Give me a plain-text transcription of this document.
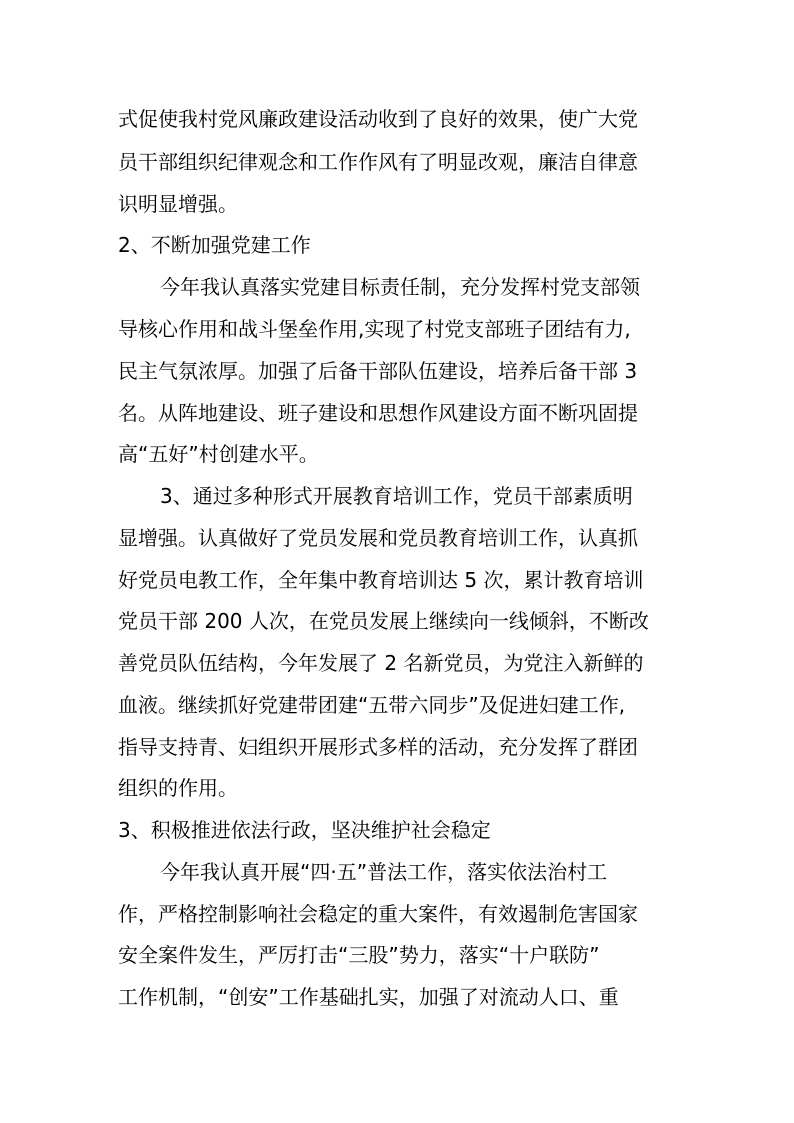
式促使我村党风廉政建设活动收到了良好的效果，使广大党
员干部组织纪律观念和工作作风有了明显改观，廉洁自律意
识明显增强。
2、不断加强党建工作
今年我认真落实党建目标责任制，充分发挥村党支部领
导核心作用和战斗堡垒作用,实现了村党支部班子团结有力,
民主气氛浓厚。加强了后备干部队伍建设，培养后备干部 3
名。从阵地建设、班子建设和思想作风建设方面不断巩固提
高“五好”村创建水平。
3、通过多种形式开展教育培训工作，党员干部素质明
显增强。认真做好了党员发展和党员教育培训工作，认真抓
好党员电教工作，全年集中教育培训达 5 次，累计教育培训
党员干部 200 人次，在党员发展上继续向一线倾斜，不断改
善党员队伍结构，今年发展了 2 名新党员，为党注入新鲜的
血液。继续抓好党建带团建“五带六同步”及促进妇建工作,
指导支持青、妇组织开展形式多样的活动，充分发挥了群团
组织的作用。
3、积极推进依法行政，坚决维护社会稳定
今年我认真开展“四·五”普法工作，落实依法治村工
作，严格控制影响社会稳定的重大案件，有效遏制危害国家
安全案件发生，严厉打击“三股”势力，落实“十户联防”
工作机制，“创安”工作基础扎实，加强了对流动人口、重
